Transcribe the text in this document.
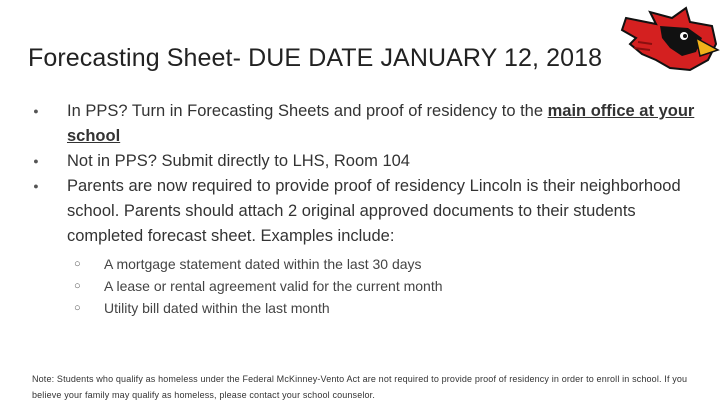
Forecasting Sheet- DUE DATE JANUARY 12, 2018
● In PPS? Turn in Forecasting Sheets and proof of residency to the main office at your school
● Not in PPS? Submit directly to LHS, Room 104
● Parents are now required to provide proof of residency Lincoln is their neighborhood school. Parents should attach 2 original approved documents to their students completed forecast sheet. Examples include:
○ A mortgage statement dated within the last 30 days
○ A lease or rental agreement valid for the current month
○ Utility bill dated within the last month
Note: Students who qualify as homeless under the Federal McKinney-Vento Act are not required to provide proof of residency in order to enroll in school. If you believe your family may qualify as homeless, please contact your school counselor.
